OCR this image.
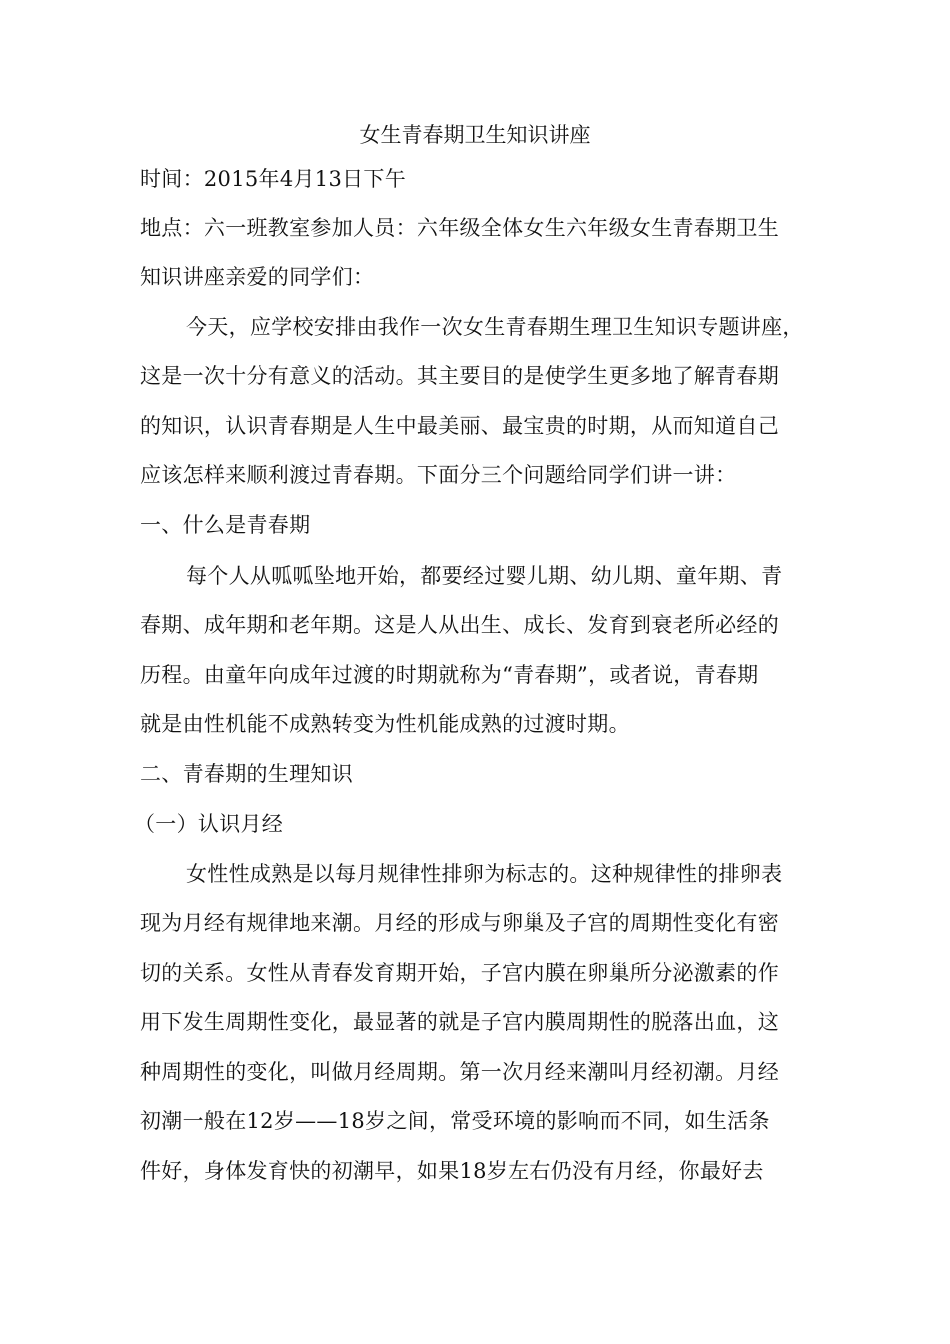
女生青春期卫生知识讲座
时间：2015年4月13日下午
地点：六一班教室参加人员：六年级全体女生六年级女生青春期卫生
知识讲座亲爱的同学们：
今天，应学校安排由我作一次女生青春期生理卫生知识专题讲座，
这是一次十分有意义的活动。其主要目的是使学生更多地了解青春期
的知识，认识青春期是人生中最美丽、最宝贵的时期，从而知道自己
应该怎样来顺利渡过青春期。下面分三个问题给同学们讲一讲：
一、什么是青春期
每个人从呱呱坠地开始，都要经过婴儿期、幼儿期、童年期、青
春期、成年期和老年期。这是人从出生、成长、发育到衰老所必经的
历程。由童年向成年过渡的时期就称为“青春期”，或者说，青春期
就是由性机能不成熟转变为性机能成熟的过渡时期。
二、青春期的生理知识
（一）认识月经
女性性成熟是以每月规律性排卵为标志的。这种规律性的排卵表
现为月经有规律地来潮。月经的形成与卵巢及子宫的周期性变化有密
切的关系。女性从青春发育期开始，子宫内膜在卵巢所分泌激素的作
用下发生周期性变化，最显著的就是子宫内膜周期性的脱落出血，这
种周期性的变化，叫做月经周期。第一次月经来潮叫月经初潮。月经
初潮一般在12岁——18岁之间，常受环境的影响而不同，如生活条
件好，身体发育快的初潮早，如果18岁左右仍没有月经，你最好去
